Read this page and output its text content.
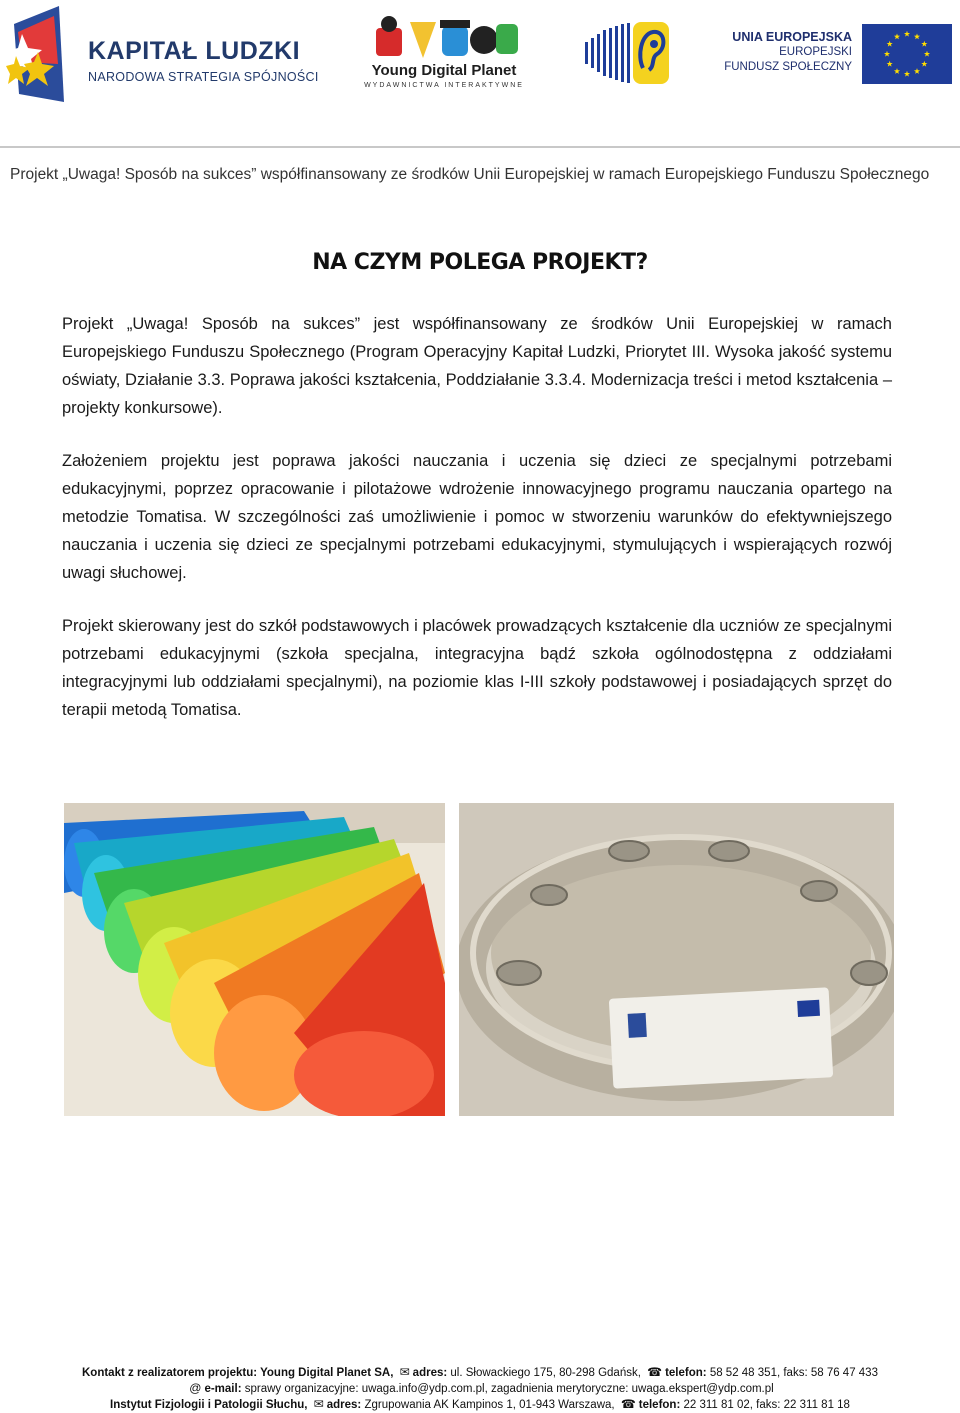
KAPITAŁ LUDZKI
NARODOWA STRATEGIA SPÓJNOŚCI	Young Digital Planet
WYDAWNICTWA INTERAKTYWNE
UNIA EUROPEJSKA
EUROPEJSKI
FUNDUSZ SPOŁECZNY
Projekt „Uwaga! Sposób na sukces” współfinansowany ze środków Unii Europejskiej w ramach Europejskiego Funduszu Społecznego
NA CZYM POLEGA PROJEKT?
Projekt „Uwaga! Sposób na sukces” jest współfinansowany ze środków Unii Europejskiej w ramach Europejskiego Funduszu Społecznego (Program Operacyjny Kapitał Ludzki, Priorytet III. Wysoka jakość systemu oświaty, Działanie 3.3. Poprawa jakości kształcenia, Poddziałanie 3.3.4. Modernizacja treści i metod kształcenia – projekty konkursowe).
Założeniem projektu jest poprawa jakości nauczania i uczenia się dzieci ze specjalnymi potrzebami edukacyjnymi, poprzez opracowanie i pilotażowe wdrożenie innowacyjnego programu nauczania opartego na metodzie Tomatisa. W szczególności zaś umożliwienie i pomoc w stworzeniu warunków do efektywniejszego nauczania i uczenia się dzieci ze specjalnymi potrzebami edukacyjnymi, stymulujących i wspierających rozwój uwagi słuchowej.
Projekt skierowany jest do szkół podstawowych i placówek prowadzących kształcenie dla uczniów ze specjalnymi potrzebami edukacyjnymi (szkoła specjalna, integracyjna bądź szkoła ogólnodostępna z oddziałami integracyjnymi lub oddziałami specjalnymi), na poziomie klas I-III szkoły podstawowej i posiadających sprzęt do terapii metodą Tomatisa.
Kontakt z realizatorem projektu: Young Digital Planet SA, ✉ adres: ul. Słowackiego 175, 80-298 Gdańsk, ☎ telefon: 58 52 48 351, faks: 58 76 47 433
@ e-mail: sprawy organizacyjne: uwaga.info@ydp.com.pl, zagadnienia merytoryczne: uwaga.ekspert@ydp.com.pl
Instytut Fizjologii i Patologii Słuchu, ✉ adres: Zgrupowania AK Kampinos 1, 01-943 Warszawa, ☎ telefon: 22 311 81 02, faks: 22 311 81 18
